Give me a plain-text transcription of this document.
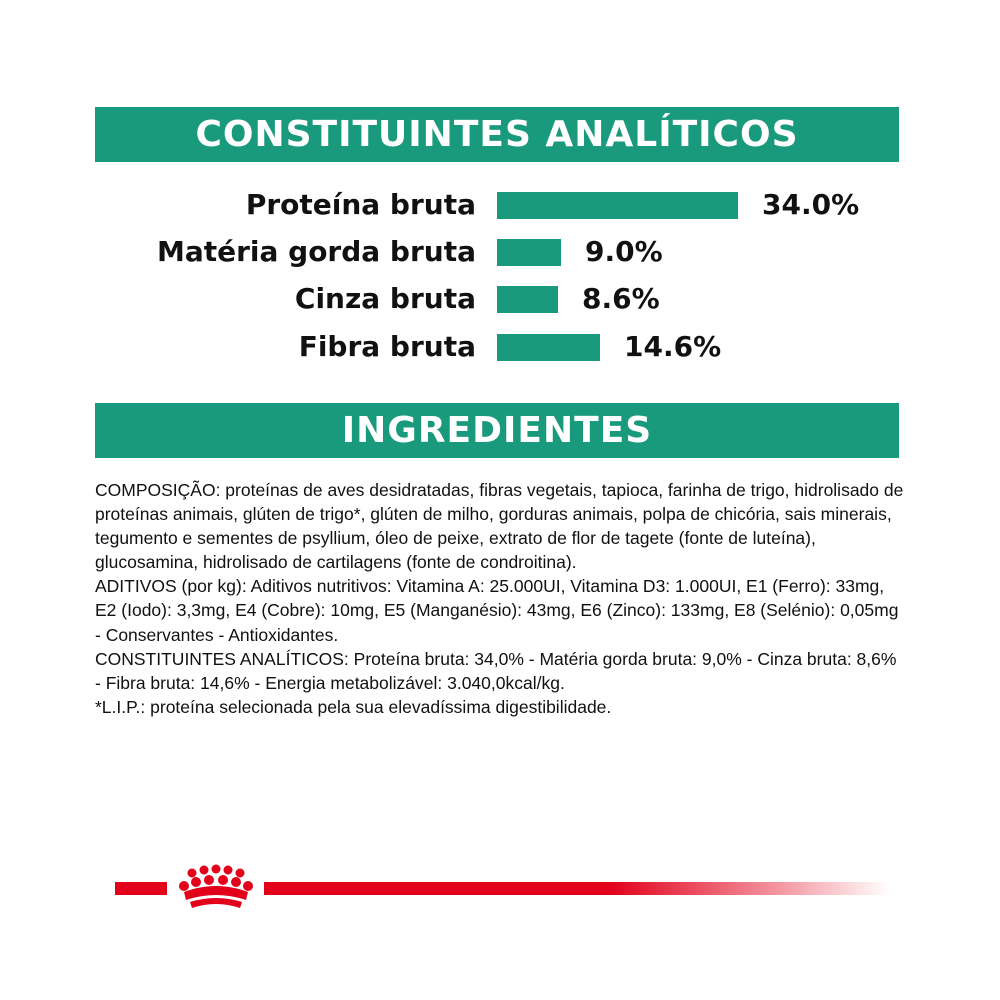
CONSTITUINTES ANALÍTICOS
Proteína bruta	34.0%
Matéria gorda bruta	9.0%
Cinza bruta	8.6%
Fibra bruta	14.6%
INGREDIENTES

COMPOSIÇÃO: proteínas de aves desidratadas, fibras vegetais, tapioca, farinha de trigo, hidrolisado de proteínas animais, glúten de trigo*, glúten de milho, gorduras animais, polpa de chicória, sais minerais, tegumento e sementes de psyllium, óleo de peixe, extrato de flor de tagete (fonte de luteína), glucosamina, hidrolisado de cartilagens (fonte de condroitina).

ADITIVOS (por kg): Aditivos nutritivos: Vitamina A: 25.000UI, Vitamina D3: 1.000UI, E1 (Ferro): 33mg, E2 (Iodo): 3,3mg, E4 (Cobre): 10mg, E5 (Manganésio): 43mg, E6 (Zinco): 133mg, E8 (Selénio): 0,05mg - Conservantes - Antioxidantes.

CONSTITUINTES ANALÍTICOS: Proteína bruta: 34,0% - Matéria gorda bruta: 9,0% - Cinza bruta: 8,6% - Fibra bruta: 14,6% - Energia metabolizável: 3.040,0kcal/kg.

*L.I.P.: proteína selecionada pela sua elevadíssima digestibilidade.
